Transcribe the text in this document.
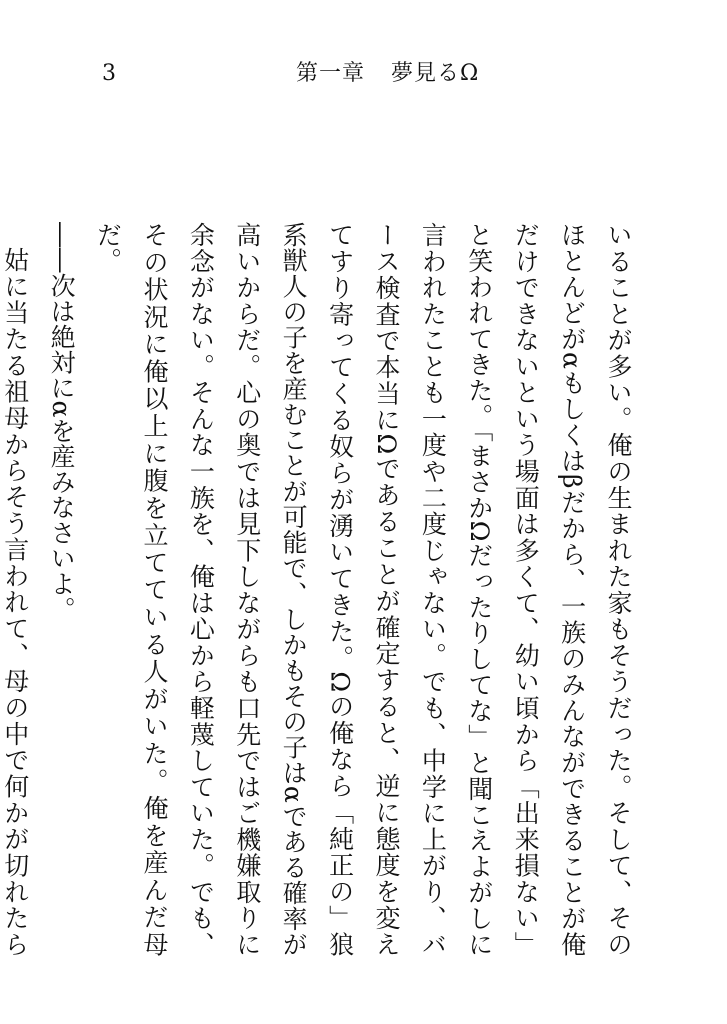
3	第一章 夢見るΩ

いることが多い。俺の生まれた家もそうだった。そして、そのほとんどがαもしくはβだから、一族のみんなができることが俺だけできないという場面は多くて、幼い頃から「出来損ない」と笑われてきた。「まさかΩだったりしてな」と聞こえよがしに言われたことも一度や二度じゃない。でも、中学に上がり、バース検査で本当にΩであることが確定すると、逆に態度を変えてすり寄ってくる奴らが湧いてきた。Ωの俺なら「純正の」狼系獣人の子を産むことが可能で、しかもその子はαである確率が高いからだ。心の奥では見下しながらも口先ではご機嫌取りに余念がない。そんな一族を、俺は心から軽蔑していた。でも、その状況に俺以上に腹を立てている人がいた。俺を産んだ母だ。

――次は絶対にαを産みなさいよ。

姑に当たる祖母からそう言われて、母の中で何かが切れたら
